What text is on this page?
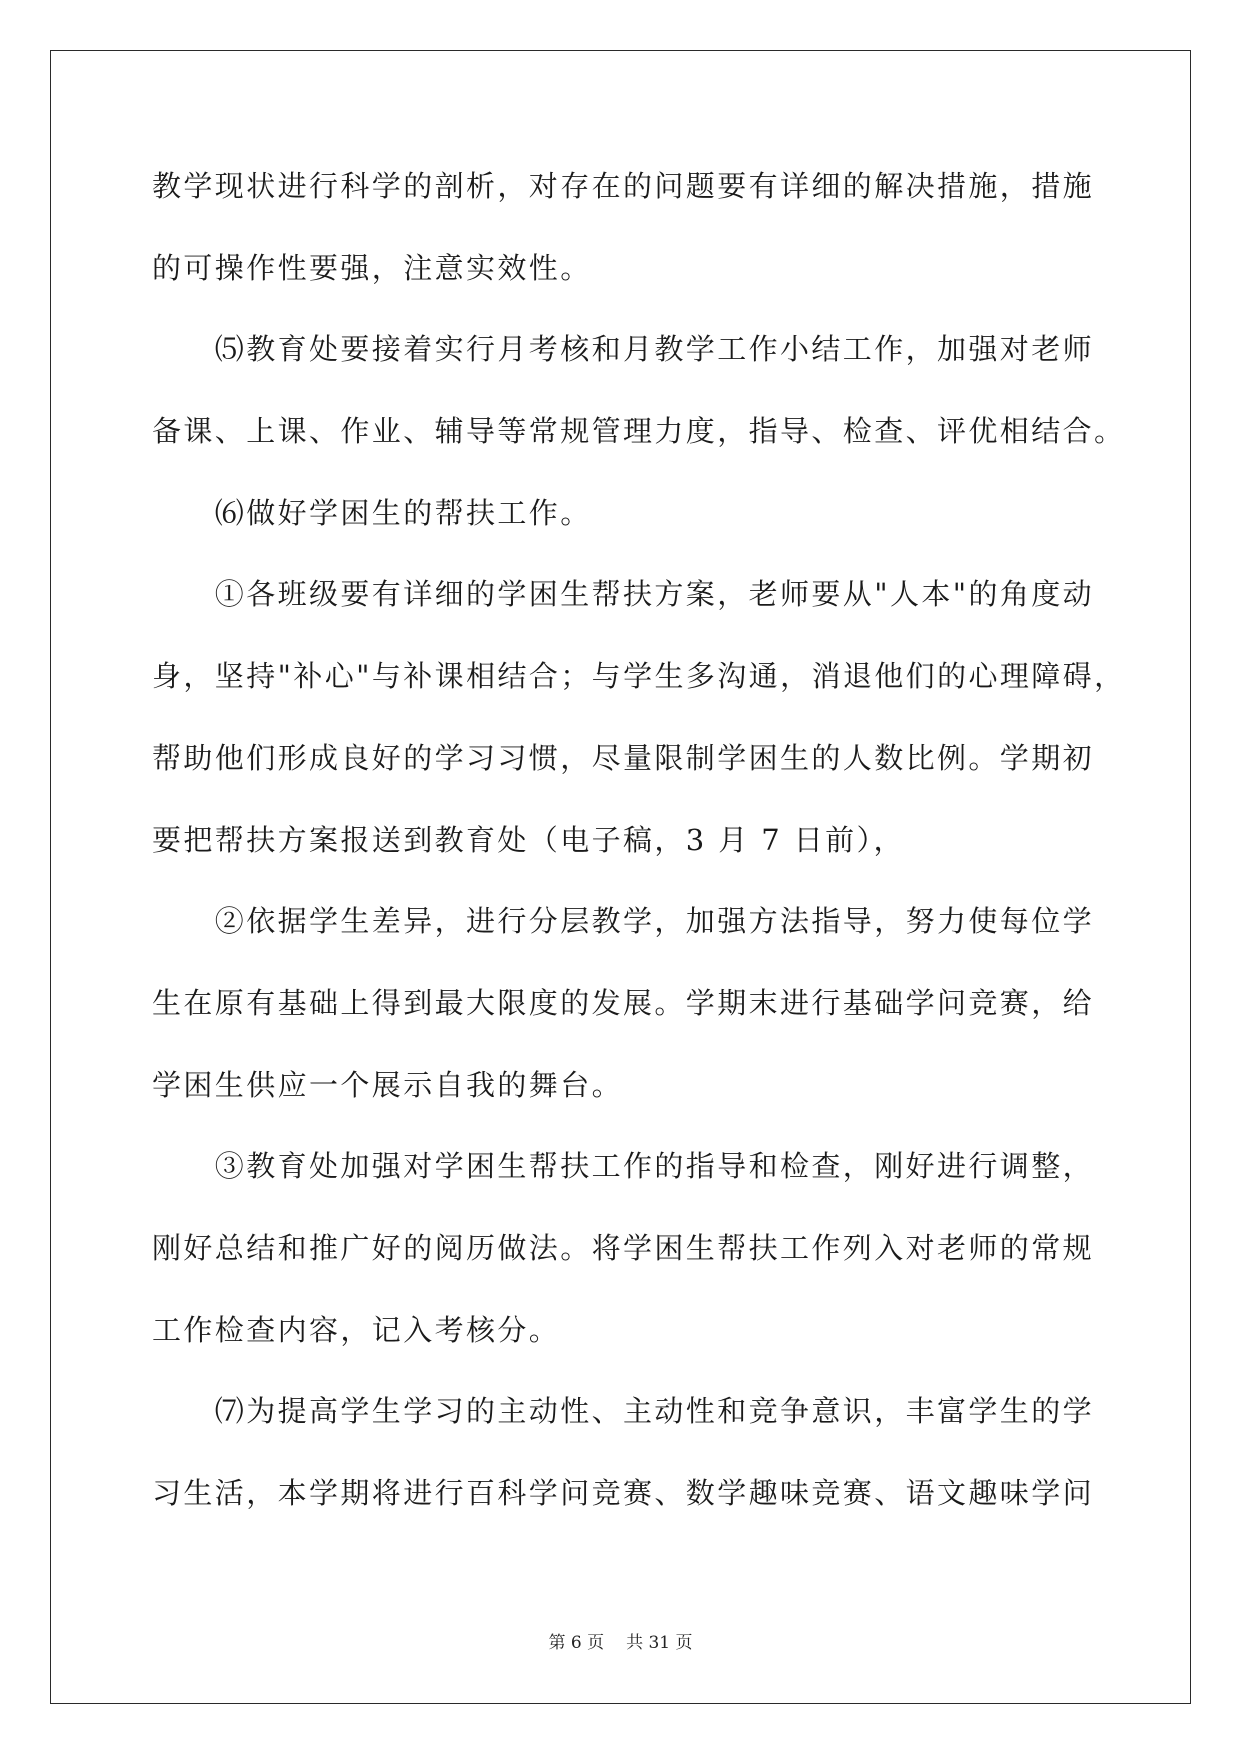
教学现状进行科学的剖析，对存在的问题要有详细的解决措施，措施
的可操作性要强，注意实效性。

　　⑸教育处要接着实行月考核和月教学工作小结工作，加强对老师
备课、上课、作业、辅导等常规管理力度，指导、检查、评优相结合。

　　⑹做好学困生的帮扶工作。

　　①各班级要有详细的学困生帮扶方案，老师要从"人本"的角度动
身，坚持"补心"与补课相结合；与学生多沟通，消退他们的心理障碍，
帮助他们形成良好的学习习惯，尽量限制学困生的人数比例。学期初
要把帮扶方案报送到教育处（电子稿，3 月 7 日前），

　　②依据学生差异，进行分层教学，加强方法指导，努力使每位学
生在原有基础上得到最大限度的发展。学期末进行基础学问竞赛，给
学困生供应一个展示自我的舞台。

　　③教育处加强对学困生帮扶工作的指导和检查，刚好进行调整，
刚好总结和推广好的阅历做法。将学困生帮扶工作列入对老师的常规
工作检查内容，记入考核分。

　　⑺为提高学生学习的主动性、主动性和竞争意识，丰富学生的学
习生活，本学期将进行百科学问竞赛、数学趣味竞赛、语文趣味学问

第 6 页 共 31 页
